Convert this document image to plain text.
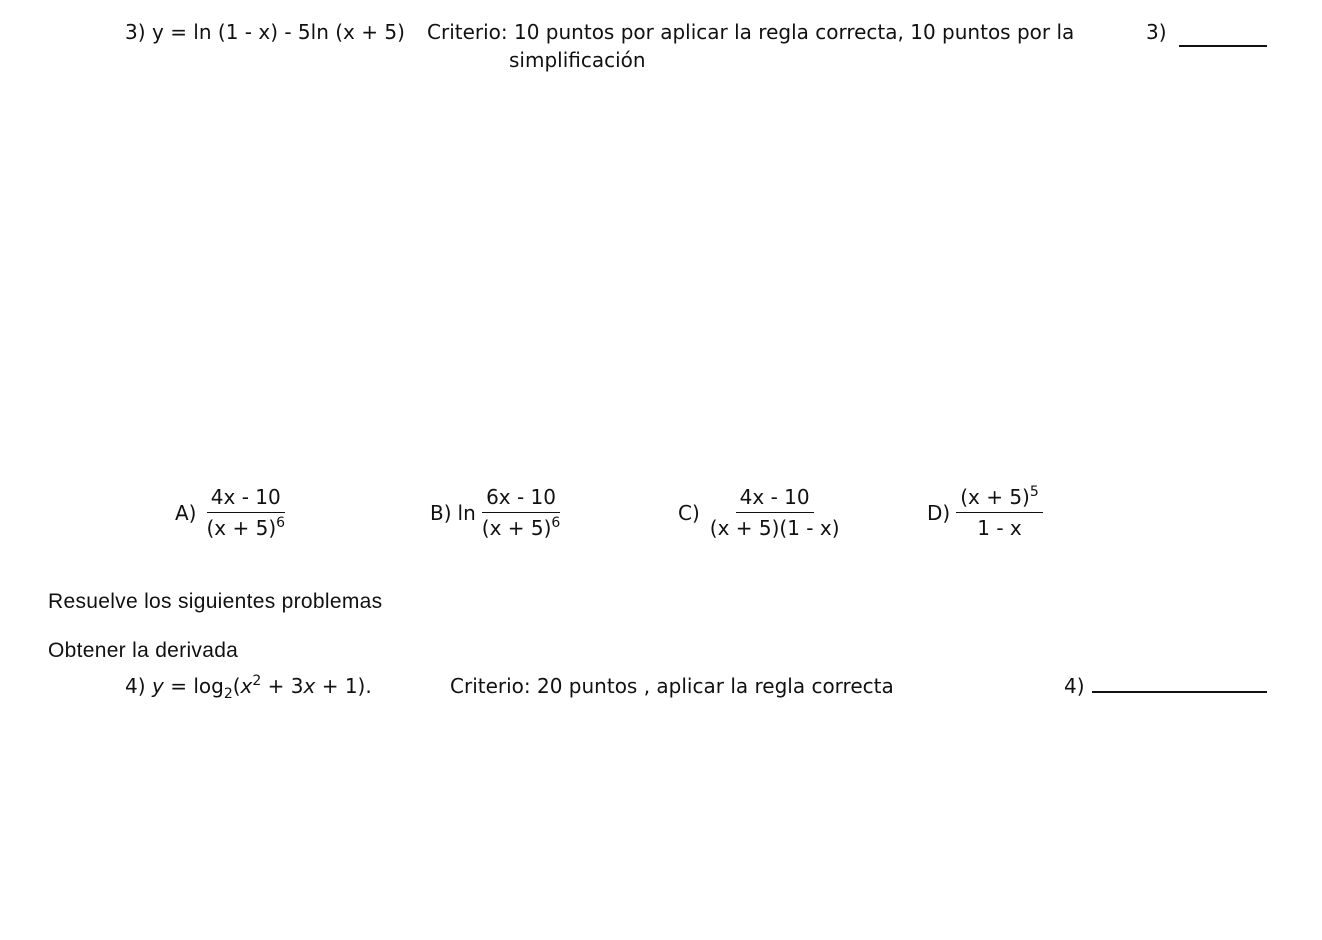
3) y = ln (1 - x) - 5ln (x + 5) Criterio: 10 puntos por aplicar la regla correcta, 10 puntos por la
simplificación
3)
$A) \frac{4x - 10}{(x + 5)^6}$	B) $\ln \frac{6x - 10}{(x + 5)^6}$	$C) \frac{4x - 10}{(x + 5)(1 - x)}$	$D) \frac{(x + 5)^5}{1 - x}$
Resuelve los siguientes problemas
Obtener la derivada
4) $y = \log_2(x^2 + 3x + 1)$.	Criterio: 20 puntos , aplicar la regla correcta	4)
